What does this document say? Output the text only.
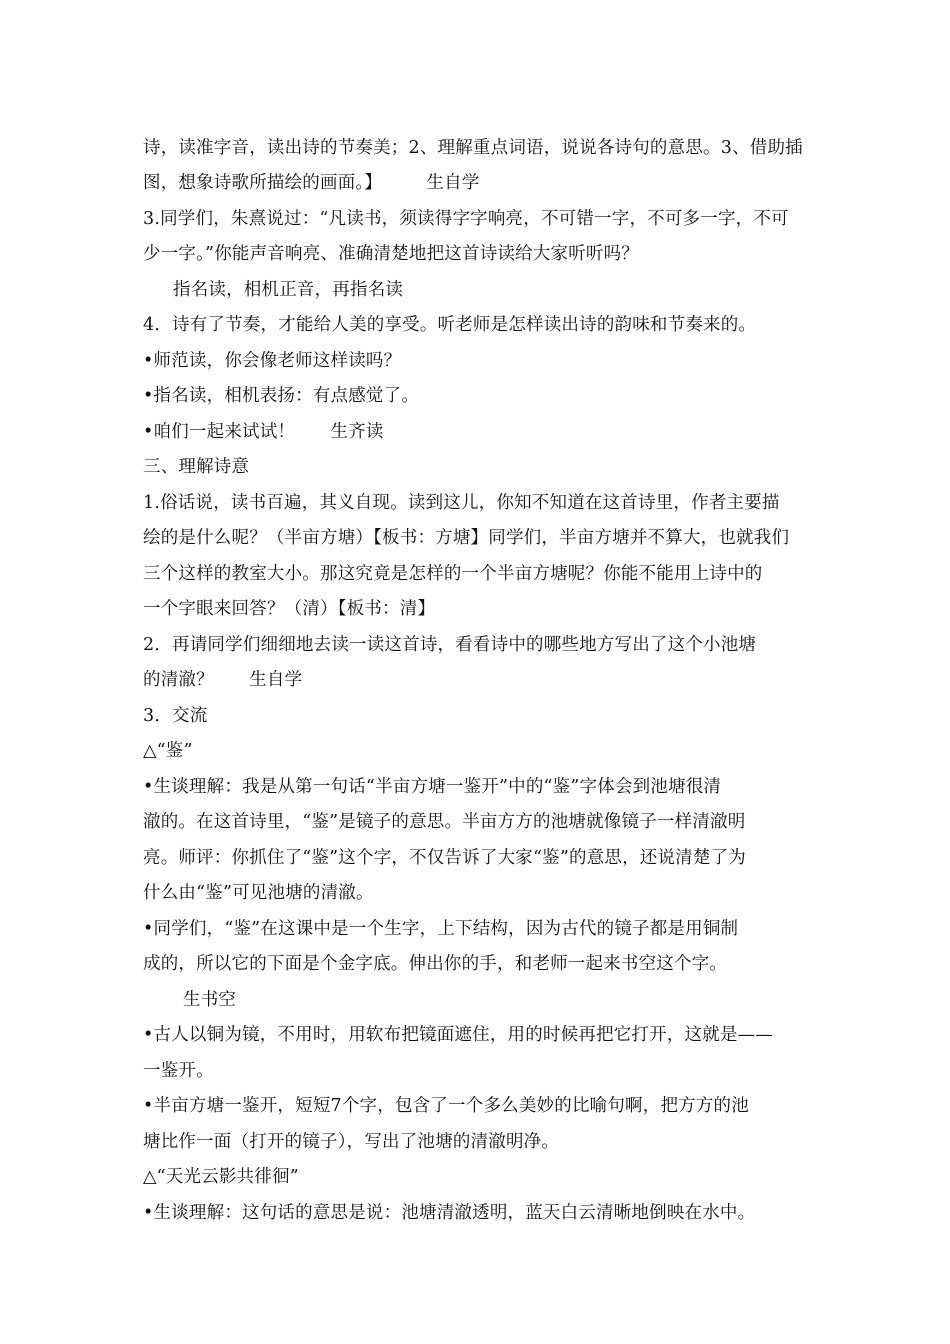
诗，读准字音，读出诗的节奏美；2、理解重点词语，说说各诗句的意思。3、借助插
图，想象诗歌所描绘的画面。】　　　生自学
3.同学们，朱熹说过：“凡读书，须读得字字响亮，不可错一字，不可多一字，不可
少一字。”你能声音响亮、准确清楚地把这首诗读给大家听听吗？
指名读，相机正音，再指名读
4．诗有了节奏，才能给人美的享受。听老师是怎样读出诗的韵味和节奏来的。
•师范读，你会像老师这样读吗？
•指名读，相机表扬：有点感觉了。
•咱们一起来试试！　　生齐读
三、理解诗意
1.俗话说，读书百遍，其义自现。读到这儿，你知不知道在这首诗里，作者主要描
绘的是什么呢？（半亩方塘）【板书：方塘】同学们，半亩方塘并不算大，也就我们
三个这样的教室大小。那这究竟是怎样的一个半亩方塘呢？你能不能用上诗中的
一个字眼来回答？（清）【板书：清】
2．再请同学们细细地去读一读这首诗，看看诗中的哪些地方写出了这个小池塘
的清澈？　　生自学
3．交流
△“鉴”
•生谈理解：我是从第一句话“半亩方塘一鉴开”中的“鉴”字体会到池塘很清
澈的。在这首诗里，“鉴”是镜子的意思。半亩方方的池塘就像镜子一样清澈明
亮。师评：你抓住了“鉴”这个字，不仅告诉了大家“鉴”的意思，还说清楚了为
什么由“鉴”可见池塘的清澈。
•同学们，“鉴”在这课中是一个生字，上下结构，因为古代的镜子都是用铜制
成的，所以它的下面是个金字底。伸出你的手，和老师一起来书空这个字。
生书空
•古人以铜为镜，不用时，用软布把镜面遮住，用的时候再把它打开，这就是——
一鉴开。
•半亩方塘一鉴开，短短7个字，包含了一个多么美妙的比喻句啊，把方方的池
塘比作一面（打开的镜子），写出了池塘的清澈明净。
△“天光云影共徘徊”
•生谈理解：这句话的意思是说：池塘清澈透明，蓝天白云清晰地倒映在水中。
